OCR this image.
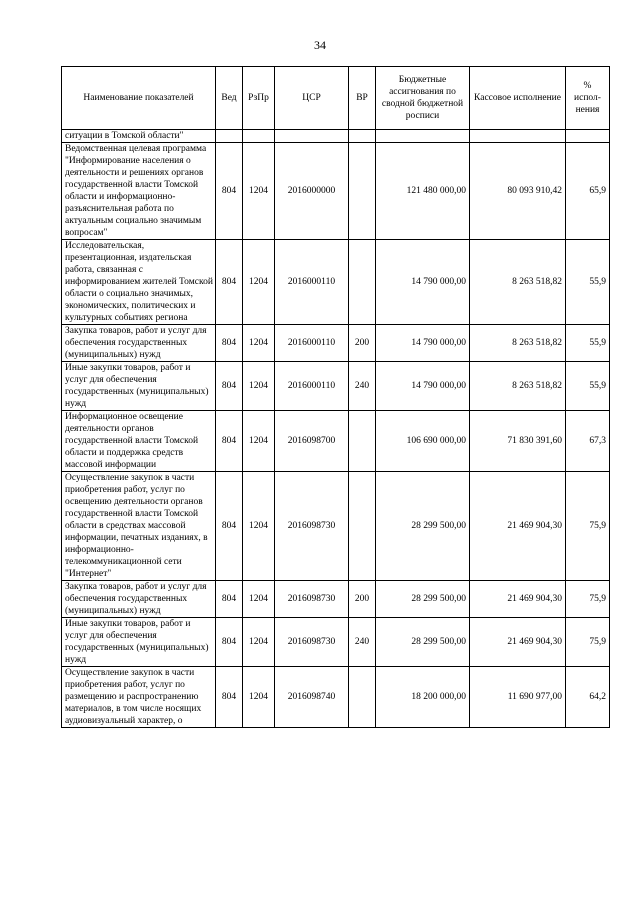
34
Наименование показателей	Вед	РзПр	ЦСР	ВР	Бюджетные ассигнования по сводной бюджетной росписи	Кассовое исполнение	% испол-нения
ситуации в Томской области"							
Ведомственная целевая программа "Информирование населения о деятельности и решениях органов государственной власти Томской области и информационно-разъяснительная работа по актуальным социально значимым вопросам"	804	1204	2016000000		121 480 000,00	80 093 910,42	65,9
Исследовательская, презентационная, издательская работа, связанная с информированием жителей Томской области о социально значимых, экономических, политических и культурных событиях региона	804	1204	2016000110		14 790 000,00	8 263 518,82	55,9
Закупка товаров, работ и услуг для обеспечения государственных (муниципальных) нужд	804	1204	2016000110	200	14 790 000,00	8 263 518,82	55,9
Иные закупки товаров, работ и услуг для обеспечения государственных (муниципальных) нужд	804	1204	2016000110	240	14 790 000,00	8 263 518,82	55,9
Информационное освещение деятельности органов государственной власти Томской области и поддержка средств массовой информации	804	1204	2016098700		106 690 000,00	71 830 391,60	67,3
Осуществление закупок в части приобретения работ, услуг по освещению деятельности органов государственной власти Томской области в средствах массовой информации, печатных изданиях, в информационно-телекоммуникационной сети "Интернет"	804	1204	2016098730		28 299 500,00	21 469 904,30	75,9
Закупка товаров, работ и услуг для обеспечения государственных (муниципальных) нужд	804	1204	2016098730	200	28 299 500,00	21 469 904,30	75,9
Иные закупки товаров, работ и услуг для обеспечения государственных (муниципальных) нужд	804	1204	2016098730	240	28 299 500,00	21 469 904,30	75,9
Осуществление закупок в части приобретения работ, услуг по размещению и распространению материалов, в том числе носящих аудиовизуальный характер, о	804	1204	2016098740		18 200 000,00	11 690 977,00	64,2
